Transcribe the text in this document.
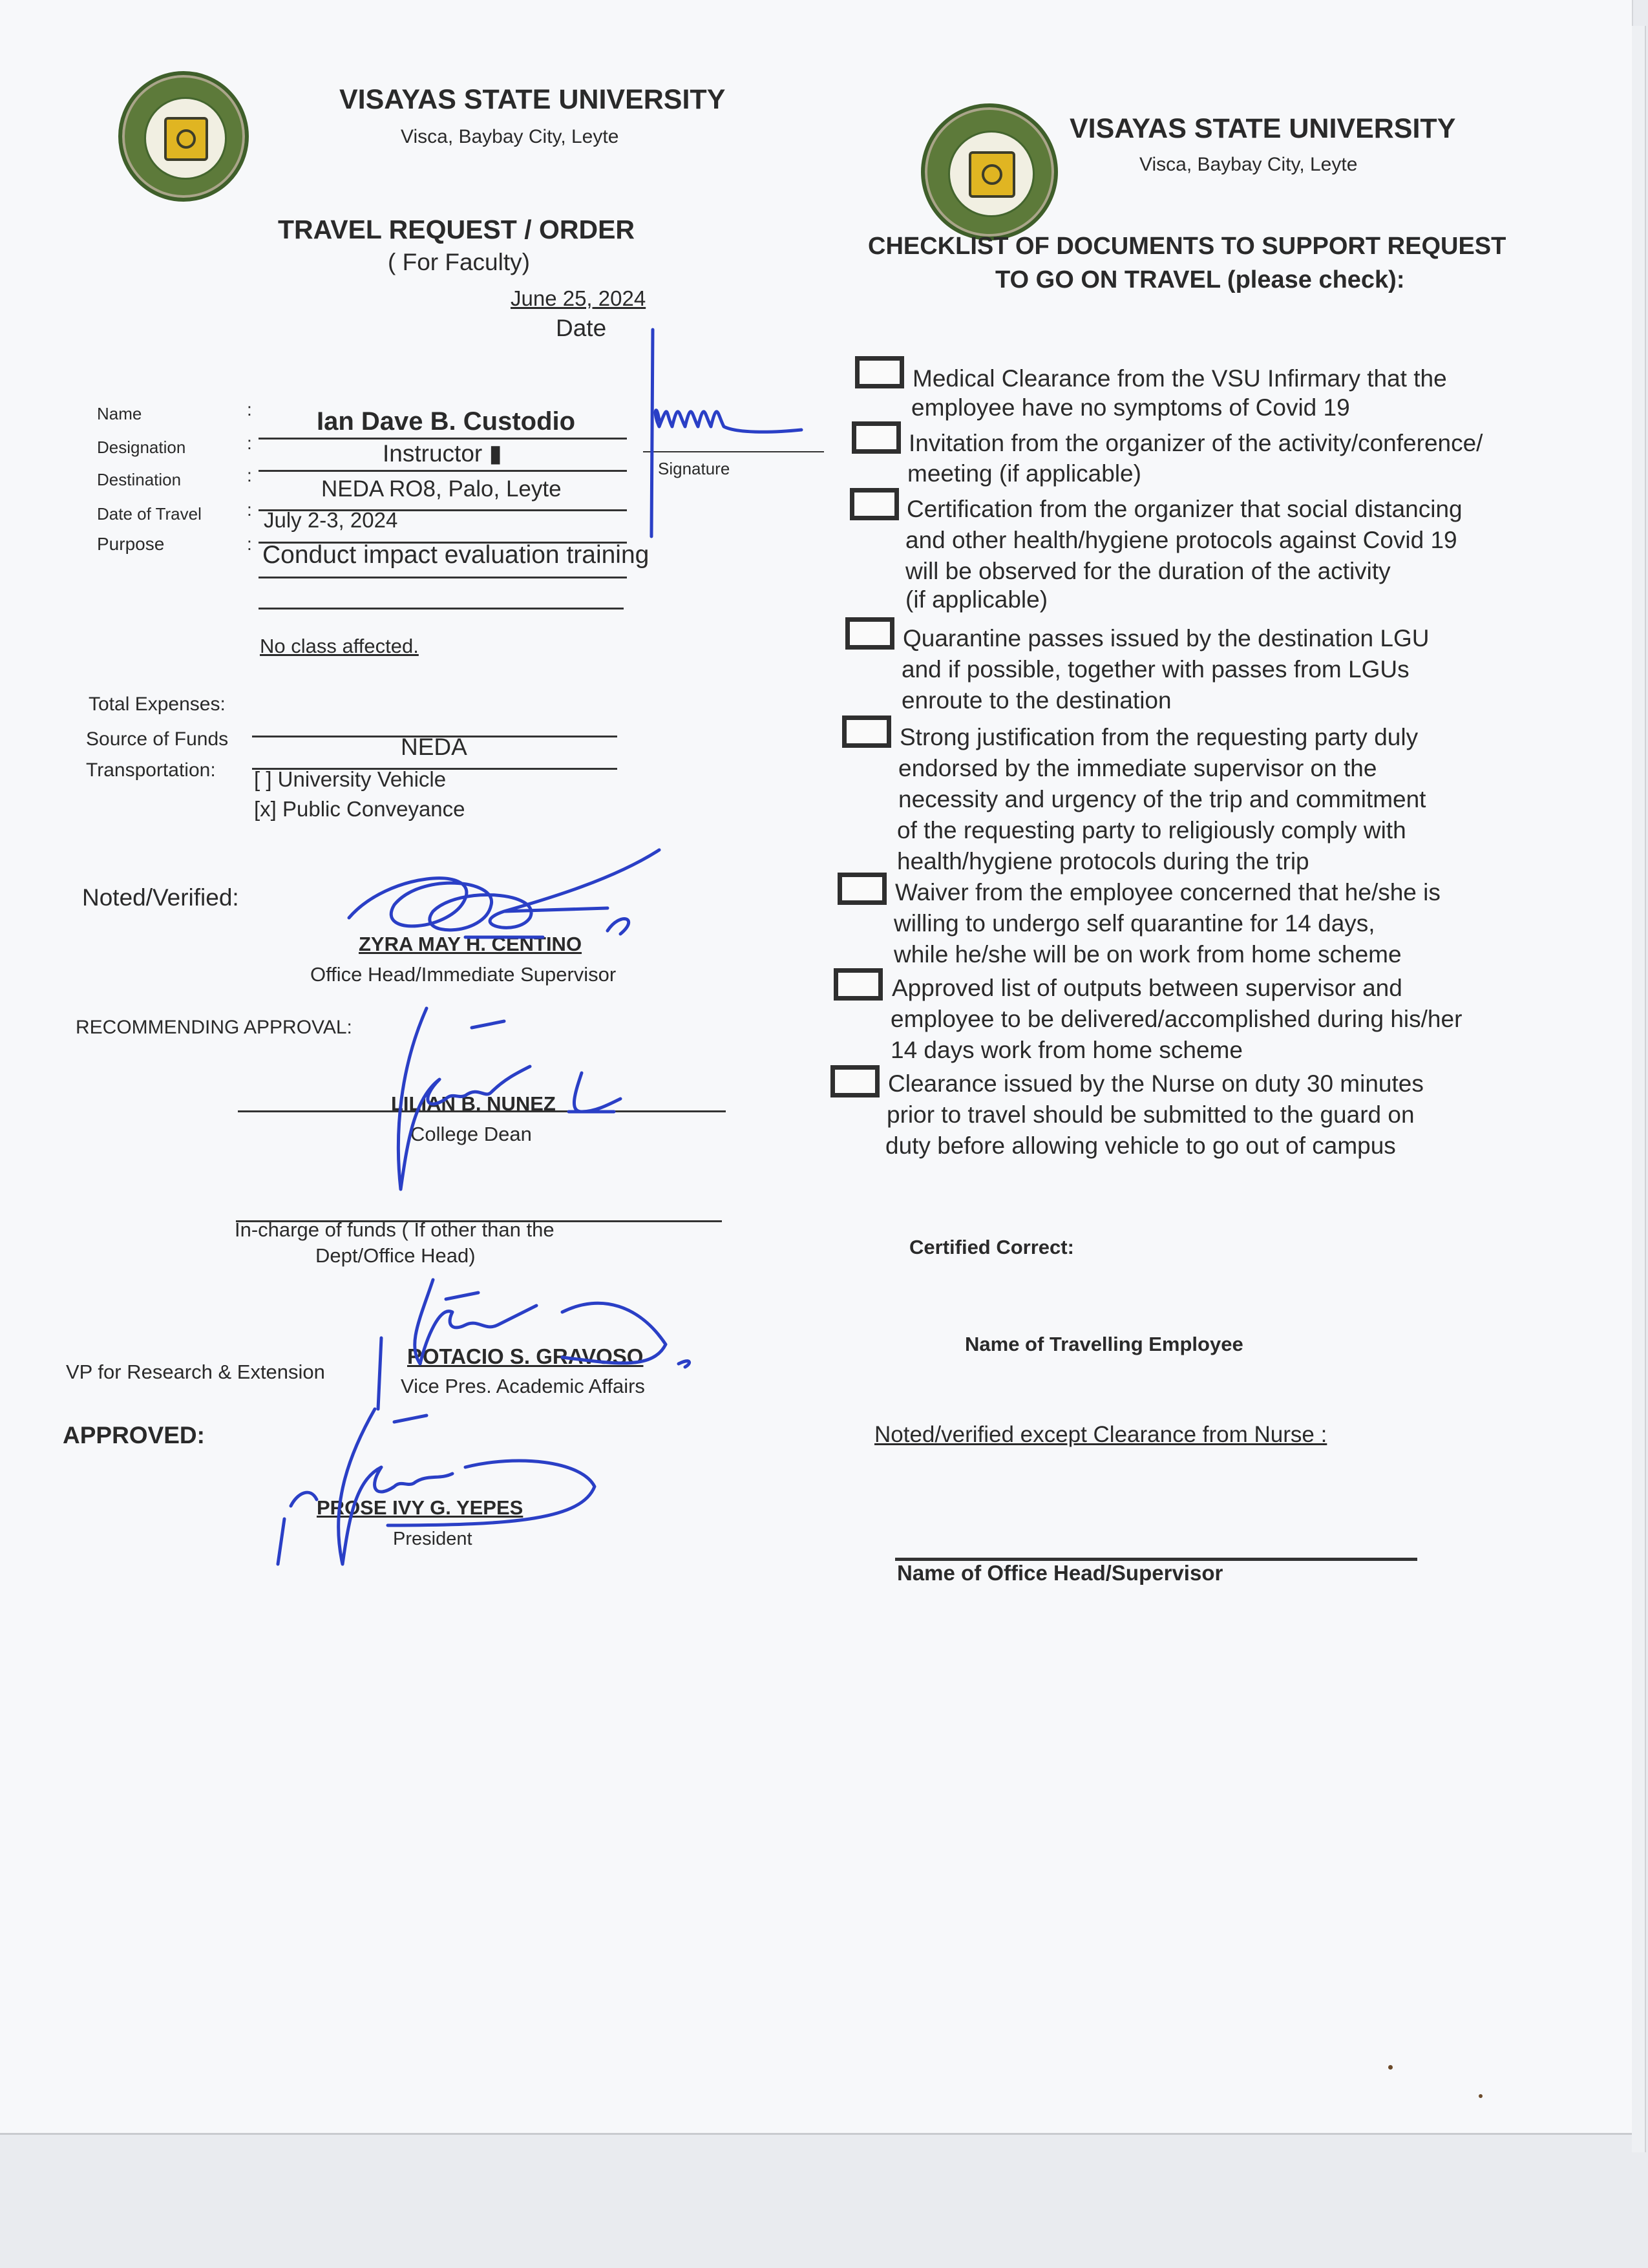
VISAYAS STATE UNIVERSITY
Visca, Baybay City, Leyte
TRAVEL REQUEST / ORDER
( For Faculty)
June 25, 2024
Date
Name	:	Ian Dave B. Custodio
Designation	:	Instructor ▮
Destination	:
NEDA RO8, Palo, Leyte
Date of Travel	: July 2-3, 2024
Purpose	: Conduct impact evaluation training
No class affected.
Signature
Total Expenses:
Source of Funds	NEDA
Transportation: [ ] University Vehicle
[x] Public Conveyance
Noted/Verified:
ZYRA MAY H. CENTINO
Office Head/Immediate Supervisor
RECOMMENDING APPROVAL:
LILIAN B. NUNEZ
College Dean
In-charge of funds ( If other than the
Dept/Office Head)
VP for Research & Extension
ROTACIO S. GRAVOSO
Vice Pres. Academic Affairs
APPROVED:
PROSE IVY G. YEPES
President
VISAYAS STATE UNIVERSITY
Visca, Baybay City, Leyte
CHECKLIST OF DOCUMENTS TO SUPPORT REQUEST
TO GO ON TRAVEL (please check):
Medical Clearance from the VSU Infirmary that the
employee have no symptoms of Covid 19
Invitation from the organizer of the activity/conference/
meeting (if applicable)
Certification from the organizer that social distancing
and other health/hygiene protocols against Covid 19
will be observed for the duration of the activity
(if applicable)
Quarantine passes issued by the destination LGU
and if possible, together with passes from LGUs
enroute to the destination
Strong justification from the requesting party duly
endorsed by the immediate supervisor on the
necessity and urgency of the trip and commitment
of the requesting party to religiously comply with
health/hygiene protocols during the trip
Waiver from the employee concerned that he/she is
willing to undergo self quarantine for 14 days,
while he/she will be on work from home scheme
Approved list of outputs between supervisor and
employee to be delivered/accomplished during his/her
14 days work from home scheme
Clearance issued by the Nurse on duty 30 minutes
prior to travel should be submitted to the guard on
duty before allowing vehicle to go out of campus
Certified Correct:
Name of Travelling Employee
Noted/verified except Clearance from Nurse :
Name of Office Head/Supervisor
